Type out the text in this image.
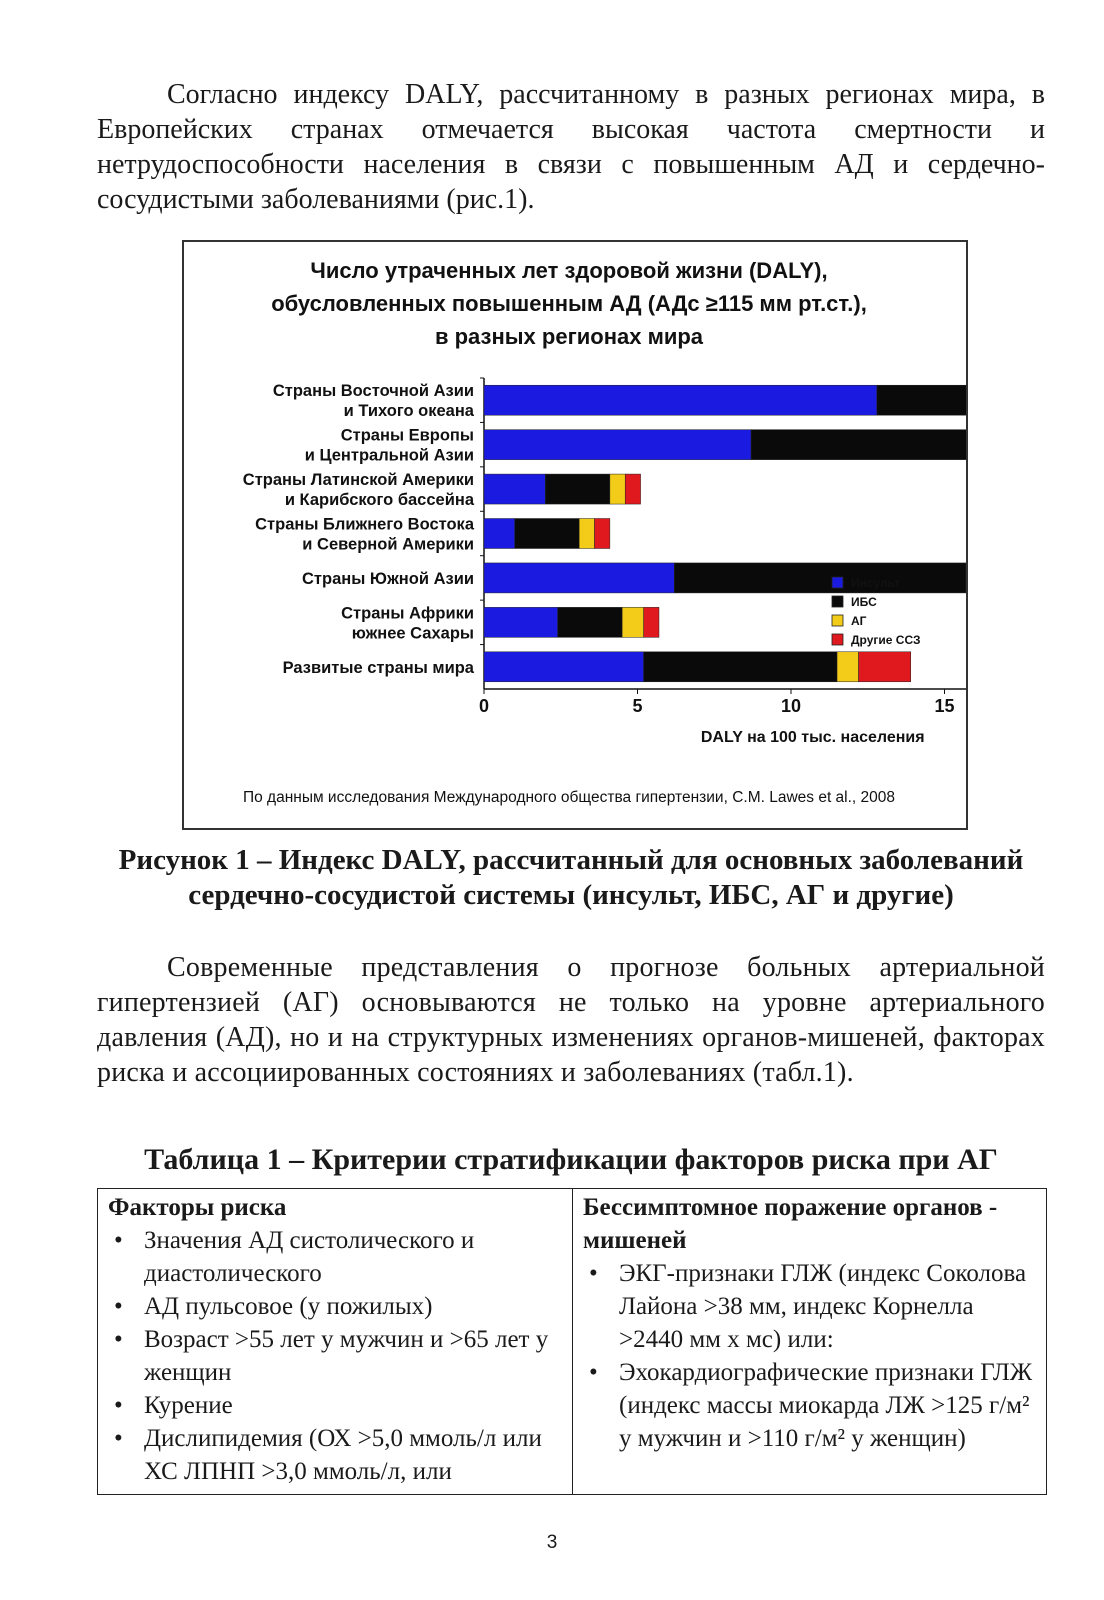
Согласно индексу DALY, рассчитанному в разных регионах мира, в Европейских странах отмечается высокая частота смертности и нетрудоспособности населения в связи с повышенным АД и сердечно-сосудистыми заболеваниями (рис.1).

Число утраченных лет здоровой жизни (DALY),
обусловленных повышенным АД (АДс ≥115 мм рт.ст.),
в разных регионах мира
Страны Восточной Азии
и Тихого океана
Страны Европы
и Центральной Азии
Страны Латинской Америки
и Карибского бассейна
Страны Ближнего Востока
и Северной Америки
Страны Южной Азии
Страны Африки
южнее Сахары
Развитые страны мира
0	5	10	15
DALY на 100 тыс. населения
Инсульт
ИБС
АГ
Другие ССЗ
По данным исследования Международного общества гипертензии, C.M. Lawes et al., 2008

Рисунок 1 – Индекс DALY, рассчитанный для основных заболеваний сердечно-сосудистой системы (инсульт, ИБС, АГ и другие)

Современные представления о прогнозе больных артериальной гипертензией (АГ) основываются не только на уровне артериального давления (АД), но и на структурных изменениях органов-мишеней, факторах риска и ассоциированных состояниях и заболеваниях (табл.1).

Таблица 1 – Критерии стратификации факторов риска при АГ

Факторы риска
• Значения АД систолического и диастолического
• АД пульсовое (у пожилых)
• Возраст >55 лет у мужчин и >65 лет у женщин
• Курение
• Дислипидемия (ОХ >5,0 ммоль/л или ХС ЛПНП >3,0 ммоль/л, или
Бессимптомное поражение органов - мишеней
• ЭКГ-признаки ГЛЖ (индекс Соколова Лайона >38 мм, индекс Корнелла >2440 мм х мс) или:
• Эхокардиографические признаки ГЛЖ (индекс массы миокарда ЛЖ >125 г/м² у мужчин и >110 г/м² у женщин)
3
